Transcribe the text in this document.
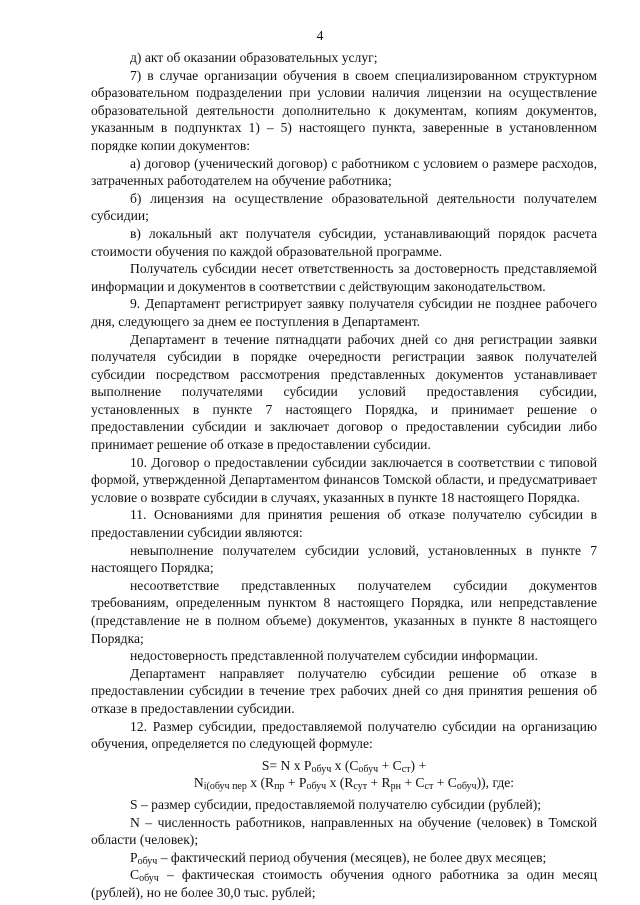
4

д) акт об оказании образовательных услуг;

7) в случае организации обучения в своем специализированном структурном образовательном подразделении при условии наличия лицензии на осуществление образовательной деятельности дополнительно к документам, копиям документов, указанным в подпунктах 1) – 5) настоящего пункта, заверенные в установленном порядке копии документов:

а) договор (ученический договор) с работником с условием о размере расходов, затраченных работодателем на обучение работника;

б) лицензия на осуществление образовательной деятельности получателем субсидии;

в) локальный акт получателя субсидии, устанавливающий порядок расчета стоимости обучения по каждой образовательной программе.

Получатель субсидии несет ответственность за достоверность представляемой информации и документов в соответствии с действующим законодательством.

9. Департамент регистрирует заявку получателя субсидии не позднее рабочего дня, следующего за днем ее поступления в Департамент.

Департамент в течение пятнадцати рабочих дней со дня регистрации заявки получателя субсидии в порядке очередности регистрации заявок получателей субсидии посредством рассмотрения представленных документов устанавливает выполнение получателями субсидии условий предоставления субсидии, установленных в пункте 7 настоящего Порядка, и принимает решение о предоставлении субсидии и заключает договор о предоставлении субсидии либо принимает решение об отказе в предоставлении субсидии.

10. Договор о предоставлении субсидии заключается в соответствии с типовой формой, утвержденной Департаментом финансов Томской области, и предусматривает условие о возврате субсидии в случаях, указанных в пункте 18 настоящего Порядка.

11. Основаниями для принятия решения об отказе получателю субсидии в предоставлении субсидии являются:

невыполнение получателем субсидии условий, установленных в пункте 7 настоящего Порядка;

несоответствие представленных получателем субсидии документов требованиям, определенным пунктом 8 настоящего Порядка, или непредставление (представление не в полном объеме) документов, указанных в пункте 8 настоящего Порядка;

недостоверность представленной получателем субсидии информации.

Департамент направляет получателю субсидии решение об отказе в предоставлении субсидии в течение трех рабочих дней со дня принятия решения об отказе в предоставлении субсидии.

12. Размер субсидии, предоставляемой получателю субсидии на организацию обучения, определяется по следующей формуле:

S= N x $P_{обуч}$ x $(С_{обуч} + С_{ст})$ +
$N_{i(обуч пер}$ x ($R_{пр} + P_{обуч}$ x $(R_{сут} + R_{рн} + С_{ст} + С_{обуч})$), где:

S – размер субсидии, предоставляемой получателю субсидии (рублей);

N – численность работников, направленных на обучение (человек) в Томской области (человек);

$P_{обуч}$ – фактический период обучения (месяцев), не более двух месяцев;

$С_{обуч}$ – фактическая стоимость обучения одного работника за один месяц (рублей), но не более 30,0 тыс. рублей;
